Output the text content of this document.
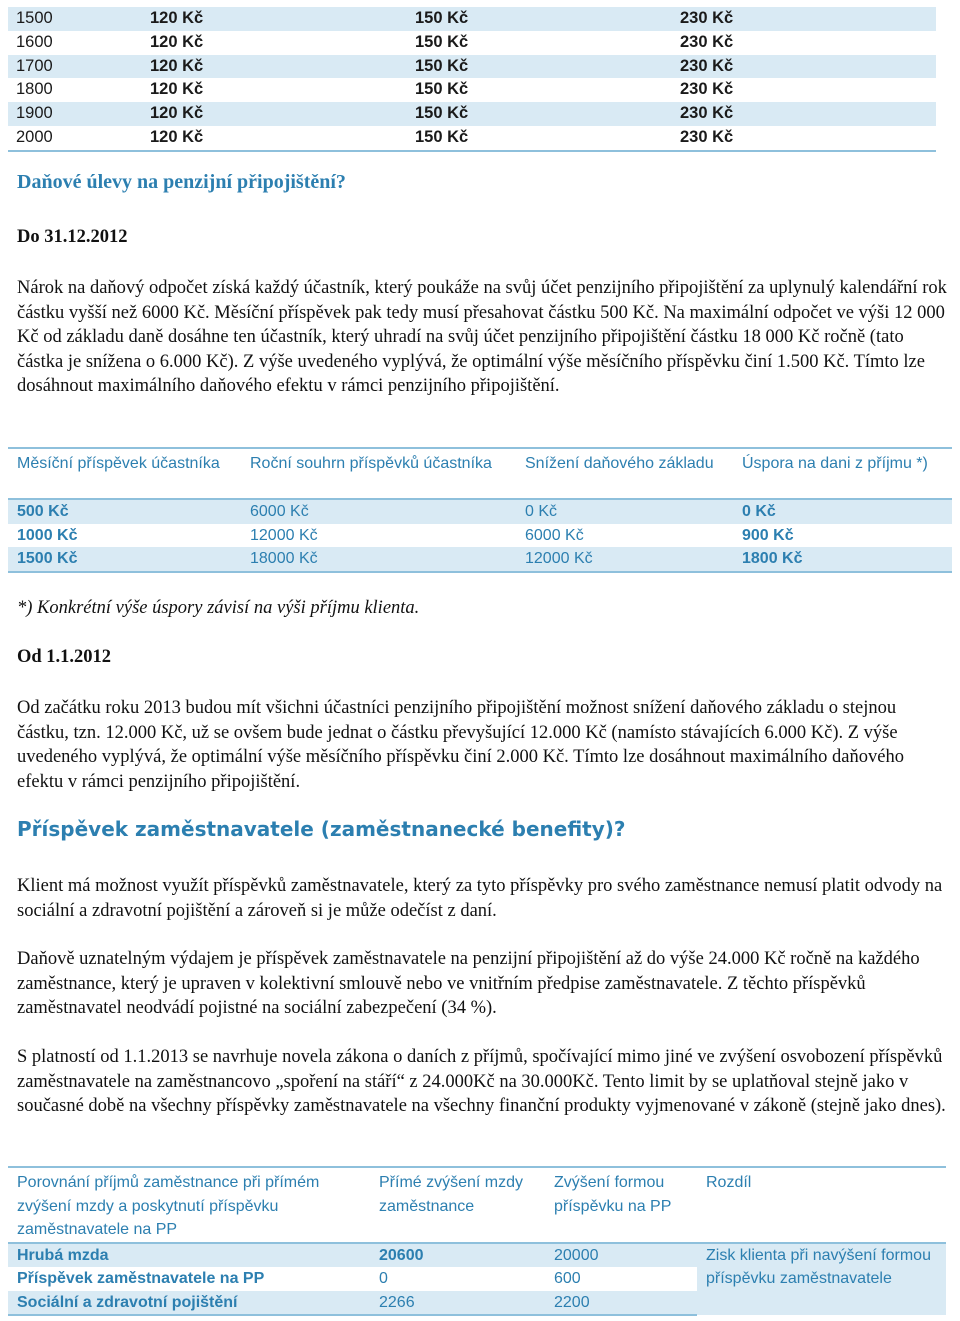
1500	120 Kč	150 Kč	230 Kč
1600	120 Kč	150 Kč	230 Kč
1700	120 Kč	150 Kč	230 Kč
1800	120 Kč	150 Kč	230 Kč
1900	120 Kč	150 Kč	230 Kč
2000	120 Kč	150 Kč	230 Kč
Daňové úlevy na penzijní připojištění?
Do 31.12.2012

Nárok na daňový odpočet získá každý účastník, který poukáže na svůj účet penzijního připojištění za uplynulý kalendářní rok částku vyšší než 6000 Kč. Měsíční příspěvek pak tedy musí přesahovat částku 500 Kč. Na maximální odpočet ve výši 12 000 Kč od základu daně dosáhne ten účastník, který uhradí na svůj účet penzijního připojištění částku 18 000 Kč ročně (tato částka je snížena o 6.000 Kč). Z výše uvedeného vyplývá, že optimální výše měsíčního příspěvku činí 1.500 Kč. Tímto lze dosáhnout maximálního daňového efektu v rámci penzijního připojištění.

Měsíční příspěvek účastníka	Roční souhrn příspěvků účastníka	Snížení daňového základu	Úspora na dani z příjmu *)
500 Kč	6000 Kč	0 Kč	0 Kč
1000 Kč	12000 Kč	6000 Kč	900 Kč
1500 Kč	18000 Kč	12000 Kč	1800 Kč

*) Konkrétní výše úspory závisí na výši příjmu klienta.

Od 1.1.2012

Od začátku roku 2013 budou mít všichni účastníci penzijního připojištění možnost snížení daňového základu o stejnou částku, tzn. 12.000 Kč, už se ovšem bude jednat o částku převyšující 12.000 Kč (namísto stávajících 6.000 Kč). Z výše uvedeného vyplývá, že optimální výše měsíčního příspěvku činí 2.000 Kč. Tímto lze dosáhnout maximálního daňového efektu v rámci penzijního připojištění.

Příspěvek zaměstnavatele (zaměstnanecké benefity)?

Klient má možnost využít příspěvků zaměstnavatele, který za tyto příspěvky pro svého zaměstnance nemusí platit odvody na sociální a zdravotní pojištění a zároveň si je může odečíst z daní.

Daňově uznatelným výdajem je příspěvek zaměstnavatele na penzijní připojištění až do výše 24.000 Kč ročně na každého zaměstnance, který je upraven v kolektivní smlouvě nebo ve vnitřním předpise zaměstnavatele. Z těchto příspěvků zaměstnavatel neodvádí pojistné na sociální zabezpečení (34 %).

S platností od 1.1.2013 se navrhuje novela zákona o daních z příjmů, spočívající mimo jiné ve zvýšení osvobození příspěvků zaměstnavatele na zaměstnancovo „spoření na stáří“ z 24.000Kč na 30.000Kč. Tento limit by se uplatňoval stejně jako v současné době na všechny příspěvky zaměstnavatele na všechny finanční produkty vyjmenované v zákoně (stejně jako dnes).

Porovnání příjmů zaměstnance při přímém zvýšení mzdy a poskytnutí příspěvku zaměstnavatele na PP	Přímé zvýšení mzdy zaměstnance	Zvýšení formou příspěvku na PP	Rozdíl
Hrubá mzda	20600	20000	Zisk klienta při navýšení formou příspěvku zaměstnavatele
Příspěvek zaměstnavatele na PP	0	600	
Sociální a zdravotní pojištění	2266	2200	
